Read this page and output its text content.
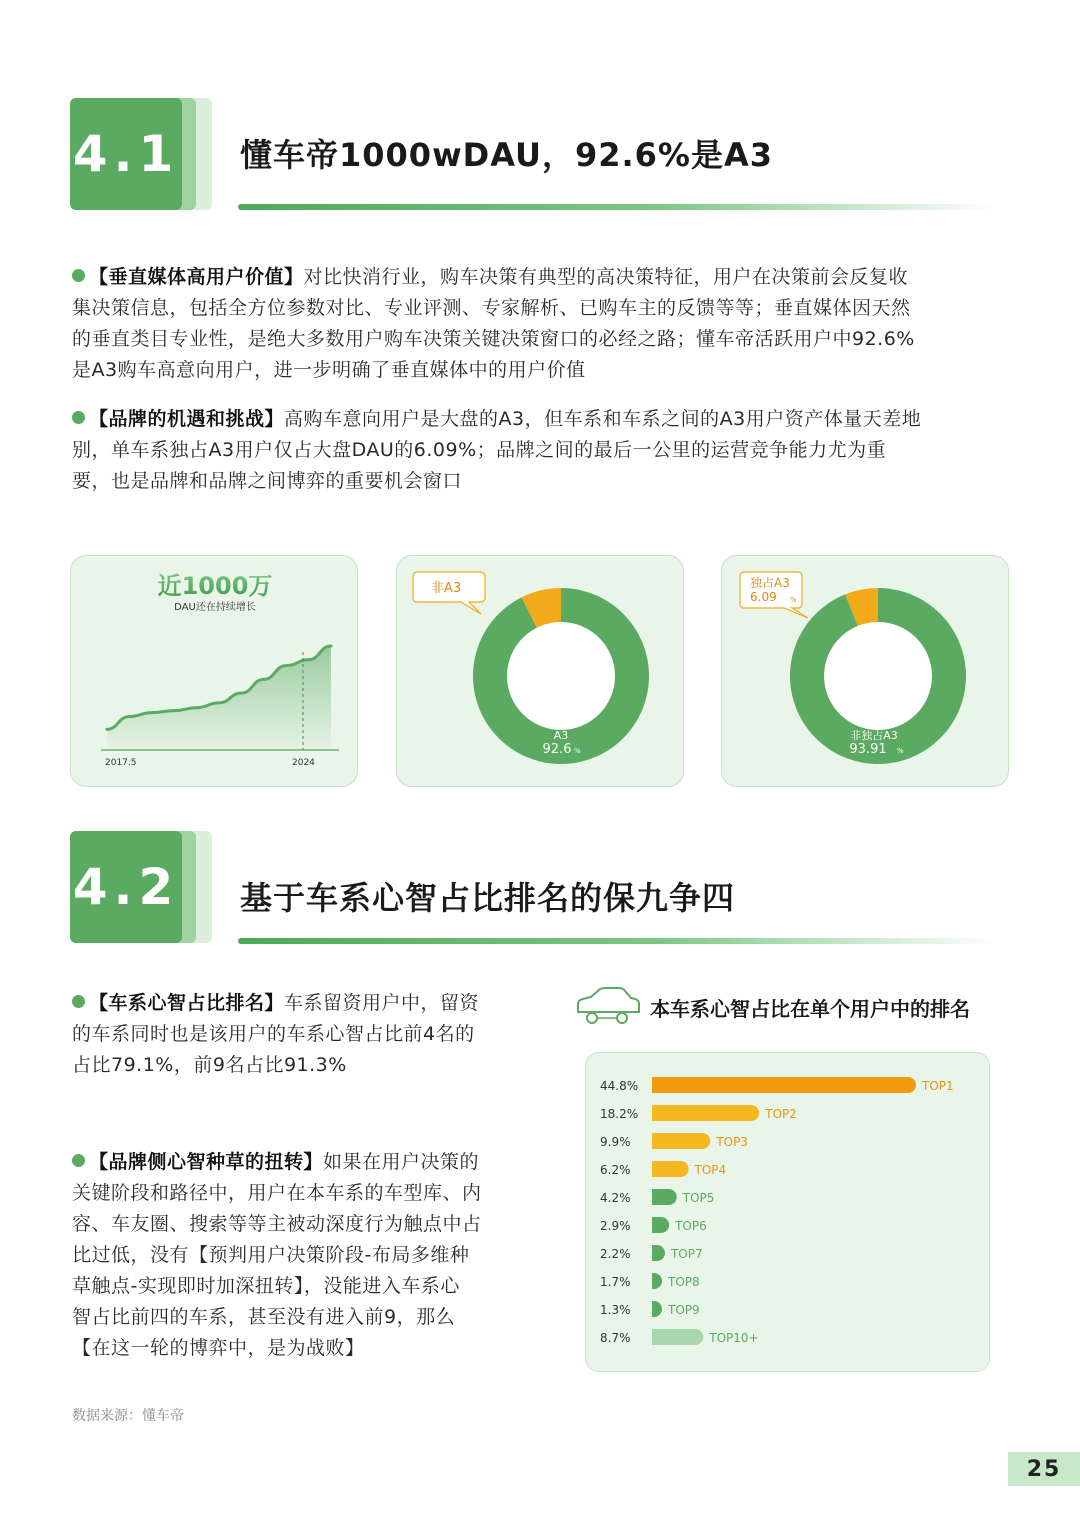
4.1 懂车帝1000wDAU，92.6%是A3
【垂直媒体高用户价值】对比快消行业，购车决策有典型的高决策特征，用户在决策前会反复收
集决策信息，包括全方位参数对比、专业评测、专家解析、已购车主的反馈等等；垂直媒体因天然
的垂直类目专业性，是绝大多数用户购车决策关键决策窗口的必经之路；懂车帝活跃用户中92.6%
是A3购车高意向用户，进一步明确了垂直媒体中的用户价值
【品牌的机遇和挑战】高购车意向用户是大盘的A3，但车系和车系之间的A3用户资产体量天差地
别，单车系独占A3用户仅占大盘DAU的6.09%；品牌之间的最后一公里的运营竞争能力尤为重
要，也是品牌和品牌之间博弈的重要机会窗口
近1000万
DAU还在持续增长
2017.5	2024
非A3
A3
92.6 %
独占A3
6.09 %
非独占A3
93.91 %
4.2 基于车系心智占比排名的保九争四
【车系心智占比排名】车系留资用户中，留资
的车系同时也是该用户的车系心智占比前4名的
占比79.1%，前9名占比91.3%
【品牌侧心智种草的扭转】如果在用户决策的
关键阶段和路径中，用户在本车系的车型库、内
容、车友圈、搜索等等主被动深度行为触点中占
比过低，没有【预判用户决策阶段-布局多维种
草触点-实现即时加深扭转】，没能进入车系心
智占比前四的车系，甚至没有进入前9，那么
【在这一轮的博弈中，是为战败】
本车系心智占比在单个用户中的排名
44.8%	TOP1
18.2%	TOP2
9.9%	TOP3
6.2%	TOP4
4.2%	TOP5
2.9%	TOP6
2.2%	TOP7
1.7%	TOP8
1.3%	TOP9
8.7%	TOP10+
数据来源：懂车帝
25
